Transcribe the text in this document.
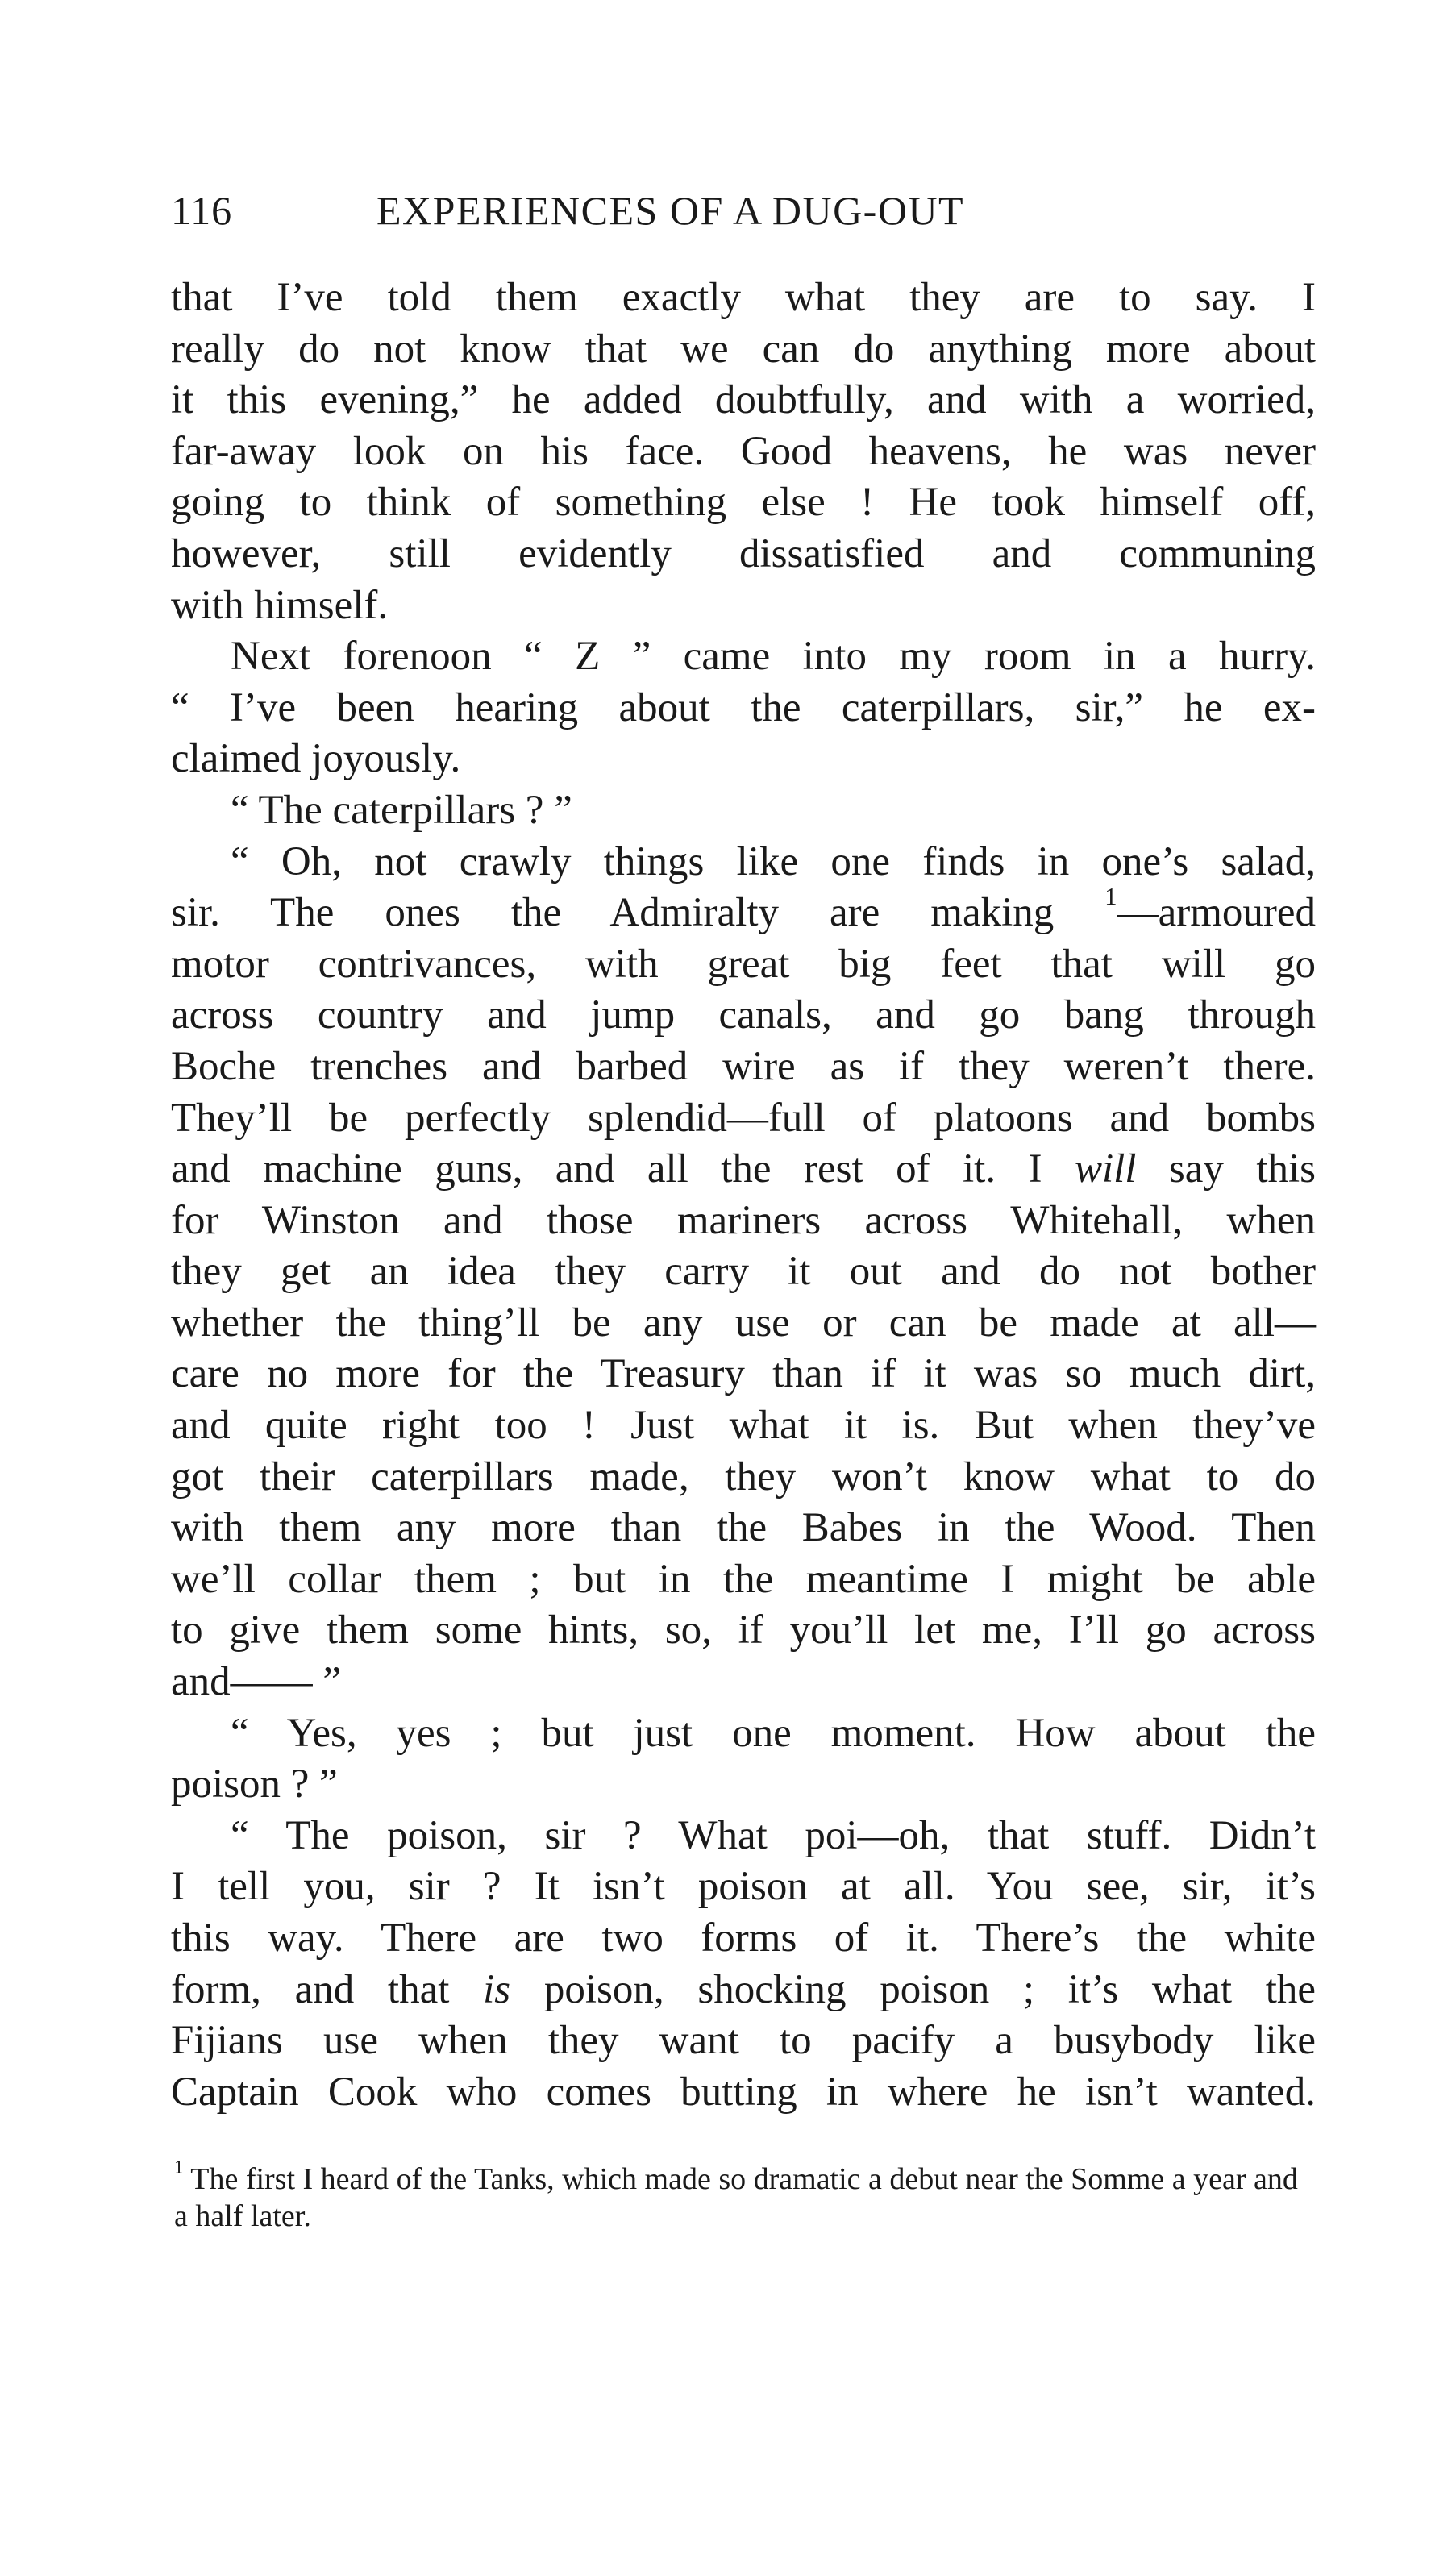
116	EXPERIENCES OF A DUG-OUT
that I’ve told them exactly what they are to say. I
really do not know that we can do anything more about
it this evening,” he added doubtfully, and with a worried,
far-away look on his face. Good heavens, he was never
going to think of something else ! He took himself off,
however, still evidently dissatisfied and communing
with himself.
Next forenoon “ Z ” came into my room in a hurry.
“ I’ve been hearing about the caterpillars, sir,” he ex-
claimed joyously.
“ The caterpillars ? ”
“ Oh, not crawly things like one finds in one’s salad,
sir. The ones the Admiralty are making $^1$—armoured
motor contrivances, with great big feet that will go
across country and jump canals, and go bang through
Boche trenches and barbed wire as if they weren’t there.
They’ll be perfectly splendid—full of platoons and bombs
and machine guns, and all the rest of it. I will say this
for Winston and those mariners across Whitehall, when
they get an idea they carry it out and do not bother
whether the thing’ll be any use or can be made at all—
care no more for the Treasury than if it was so much dirt,
and quite right too ! Just what it is. But when they’ve
got their caterpillars made, they won’t know what to do
with them any more than the Babes in the Wood. Then
we’ll collar them ; but in the meantime I might be able
to give them some hints, so, if you’ll let me, I’ll go across
and—— ”
“ Yes, yes ; but just one moment. How about the
poison ? ”
“ The poison, sir ? What poi—oh, that stuff. Didn’t
I tell you, sir ? It isn’t poison at all. You see, sir, it’s
this way. There are two forms of it. There’s the white
form, and that is poison, shocking poison ; it’s what the
Fijians use when they want to pacify a busybody like
Captain Cook who comes butting in where he isn’t wanted.
$^1$ The first I heard of the Tanks, which made so dramatic a debut near the Somme a year and a half later.
